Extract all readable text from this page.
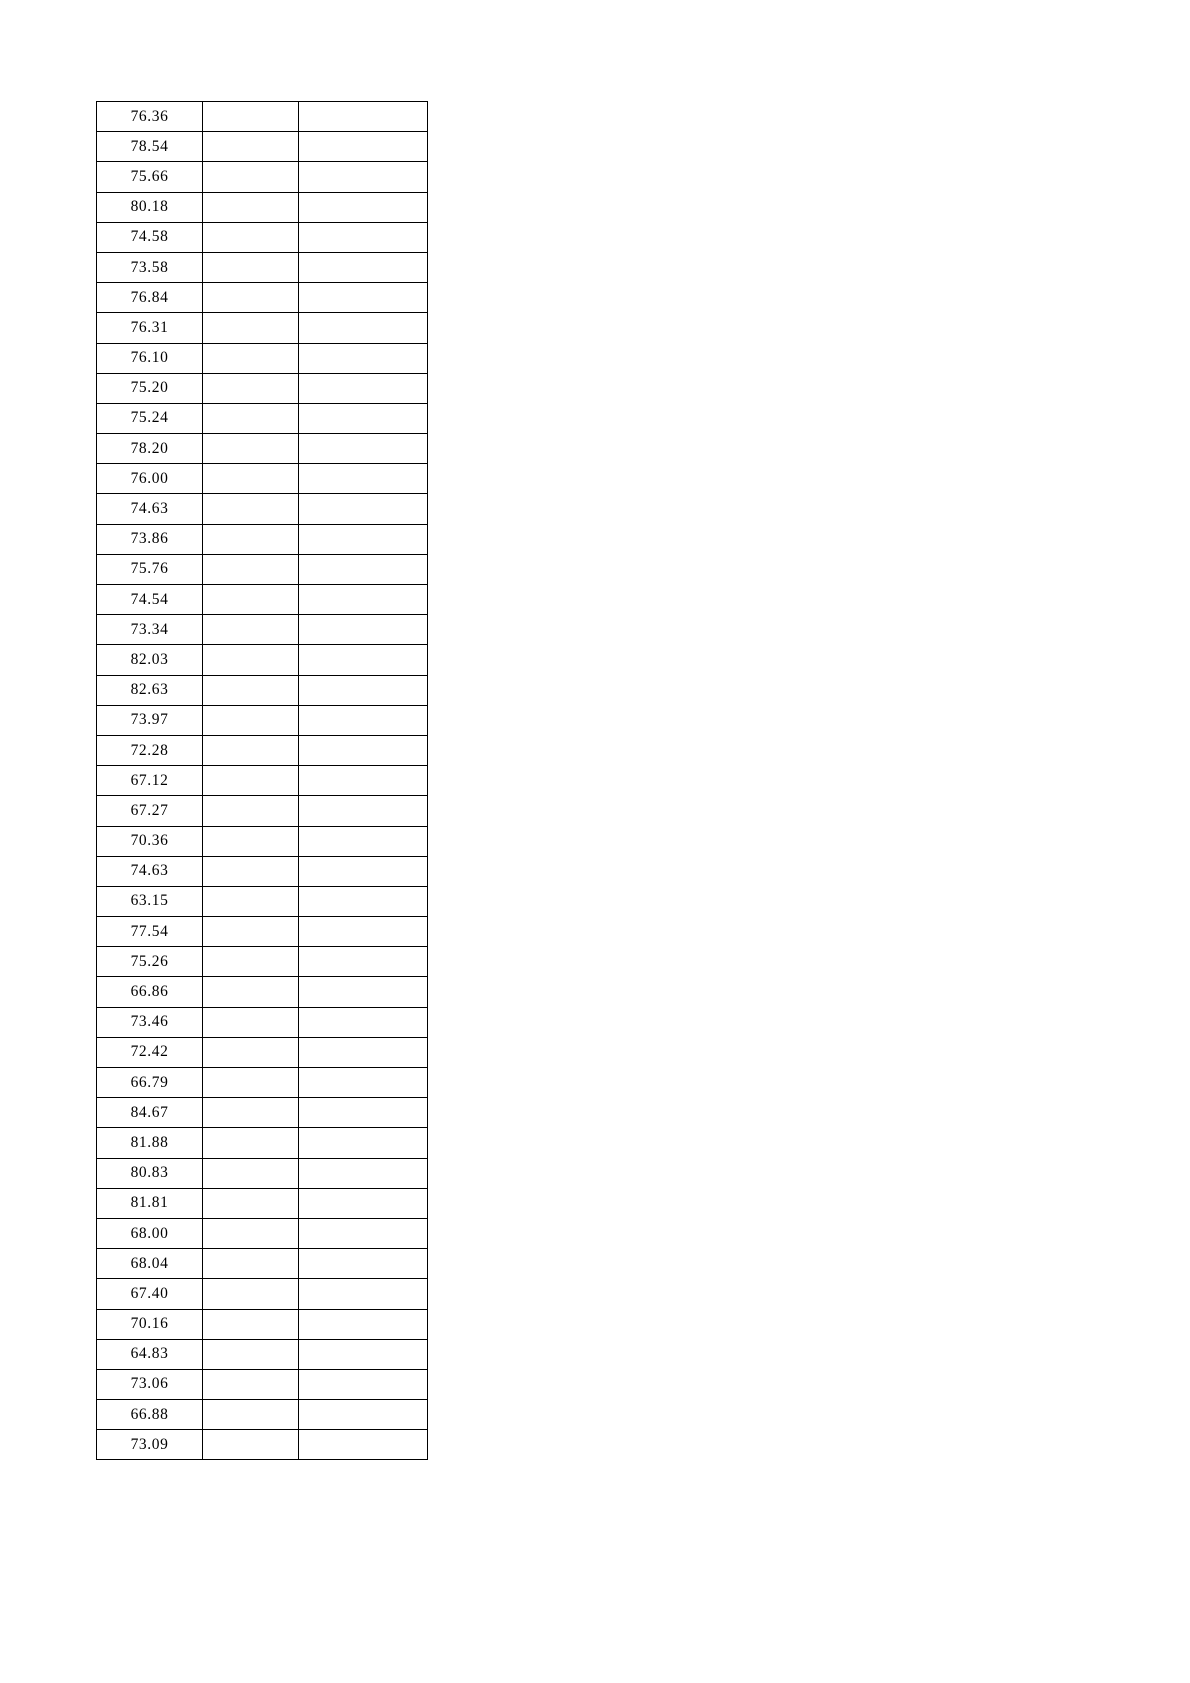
76.36		
78.54		
75.66		
80.18		
74.58		
73.58		
76.84		
76.31		
76.10		
75.20		
75.24		
78.20		
76.00		
74.63		
73.86		
75.76		
74.54		
73.34		
82.03		
82.63		
73.97		
72.28		
67.12		
67.27		
70.36		
74.63		
63.15		
77.54		
75.26		
66.86		
73.46		
72.42		
66.79		
84.67		
81.88		
80.83		
81.81		
68.00		
68.04		
67.40		
70.16		
64.83		
73.06		
66.88		
73.09		
